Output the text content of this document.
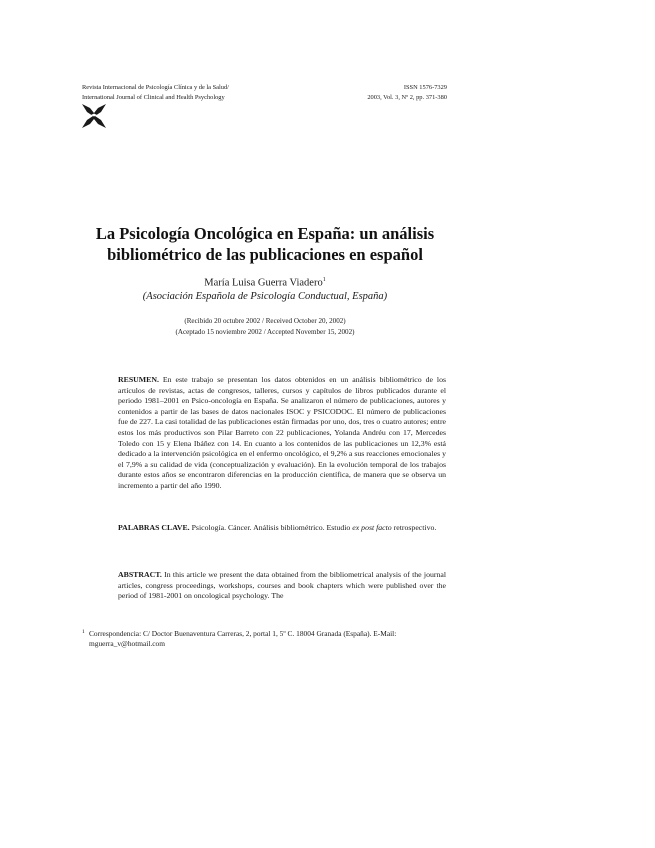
Revista Internacional de Psicología Clínica y de la Salud/
International Journal of Clinical and Health Psychology
ISSN 1576-7329
2003, Vol. 3, Nº 2, pp. 371-380
La Psicología Oncológica en España: un análisis
bibliométrico de las publicaciones en español
María Luisa Guerra Viadero$^1$
(Asociación Española de Psicología Conductual, España)
(Recibido 20 octubre 2002 / Received October 20, 2002)
(Aceptado 15 noviembre 2002 / Accepted November 15, 2002)
RESUMEN. En este trabajo se presentan los datos obtenidos en un análisis bibliométrico de los artículos de revistas, actas de congresos, talleres, cursos y capítulos de libros publicados durante el periodo 1981–2001 en Psico-oncología en España. Se analizaron el número de publicaciones, autores y contenidos a partir de las bases de datos nacionales ISOC y PSICODOC. El número de publicaciones fue de 227. La casi totalidad de las publicaciones están firmadas por uno, dos, tres o cuatro autores; entre estos los más productivos son Pilar Barreto con 22 publicaciones, Yolanda Andréu con 17, Mercedes Toledo con 15 y Elena Ibáñez con 14. En cuanto a los contenidos de las publicaciones un 12,3% está dedicado a la intervención psicológica en el enfermo oncológico, el 9,2% a sus reacciones emocionales y el 7,9% a su calidad de vida (conceptualización y evaluación). En la evolución temporal de los trabajos durante estos años se encontraron diferencias en la producción científica, de manera que se observa un incremento a partir del año 1990.
PALABRAS CLAVE. Psicología. Cáncer. Análisis bibliométrico. Estudio ex post facto retrospectivo.
ABSTRACT. In this article we present the data obtained from the bibliometrical analysis of the journal articles, congress proceedings, workshops, courses and book chapters which were published over the period of 1981-2001 on oncological psychology. The
1 Correspondencia: C/ Doctor Buenaventura Carreras, 2, portal 1, 5º C. 18004 Granada (España). E-Mail: mguerra_v@hotmail.com
